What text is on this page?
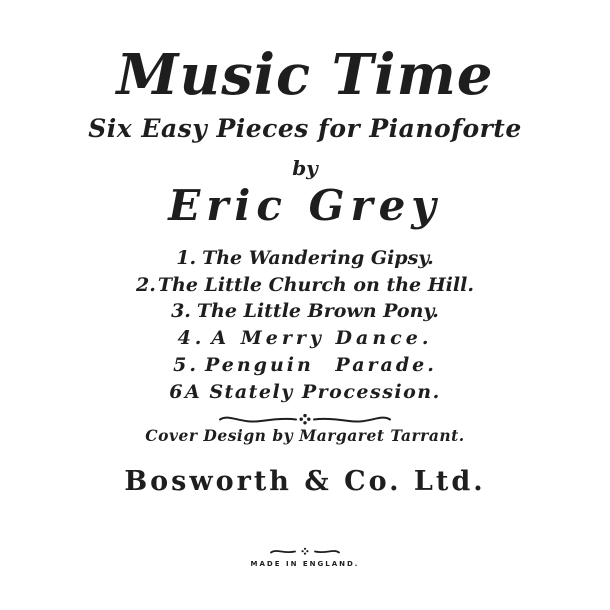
Music Time
Six Easy Pieces for Pianoforte
by
Eric Grey
1. The Wandering Gipsy.
2. The Little Church on the Hill.
3. The Little Brown Pony.
4. A Merry Dance.
5. Penguin Parade.
6A Stately Procession.
Cover Design by Margaret Tarrant.
Bosworth & Co. Ltd.
MADE IN ENGLAND.
